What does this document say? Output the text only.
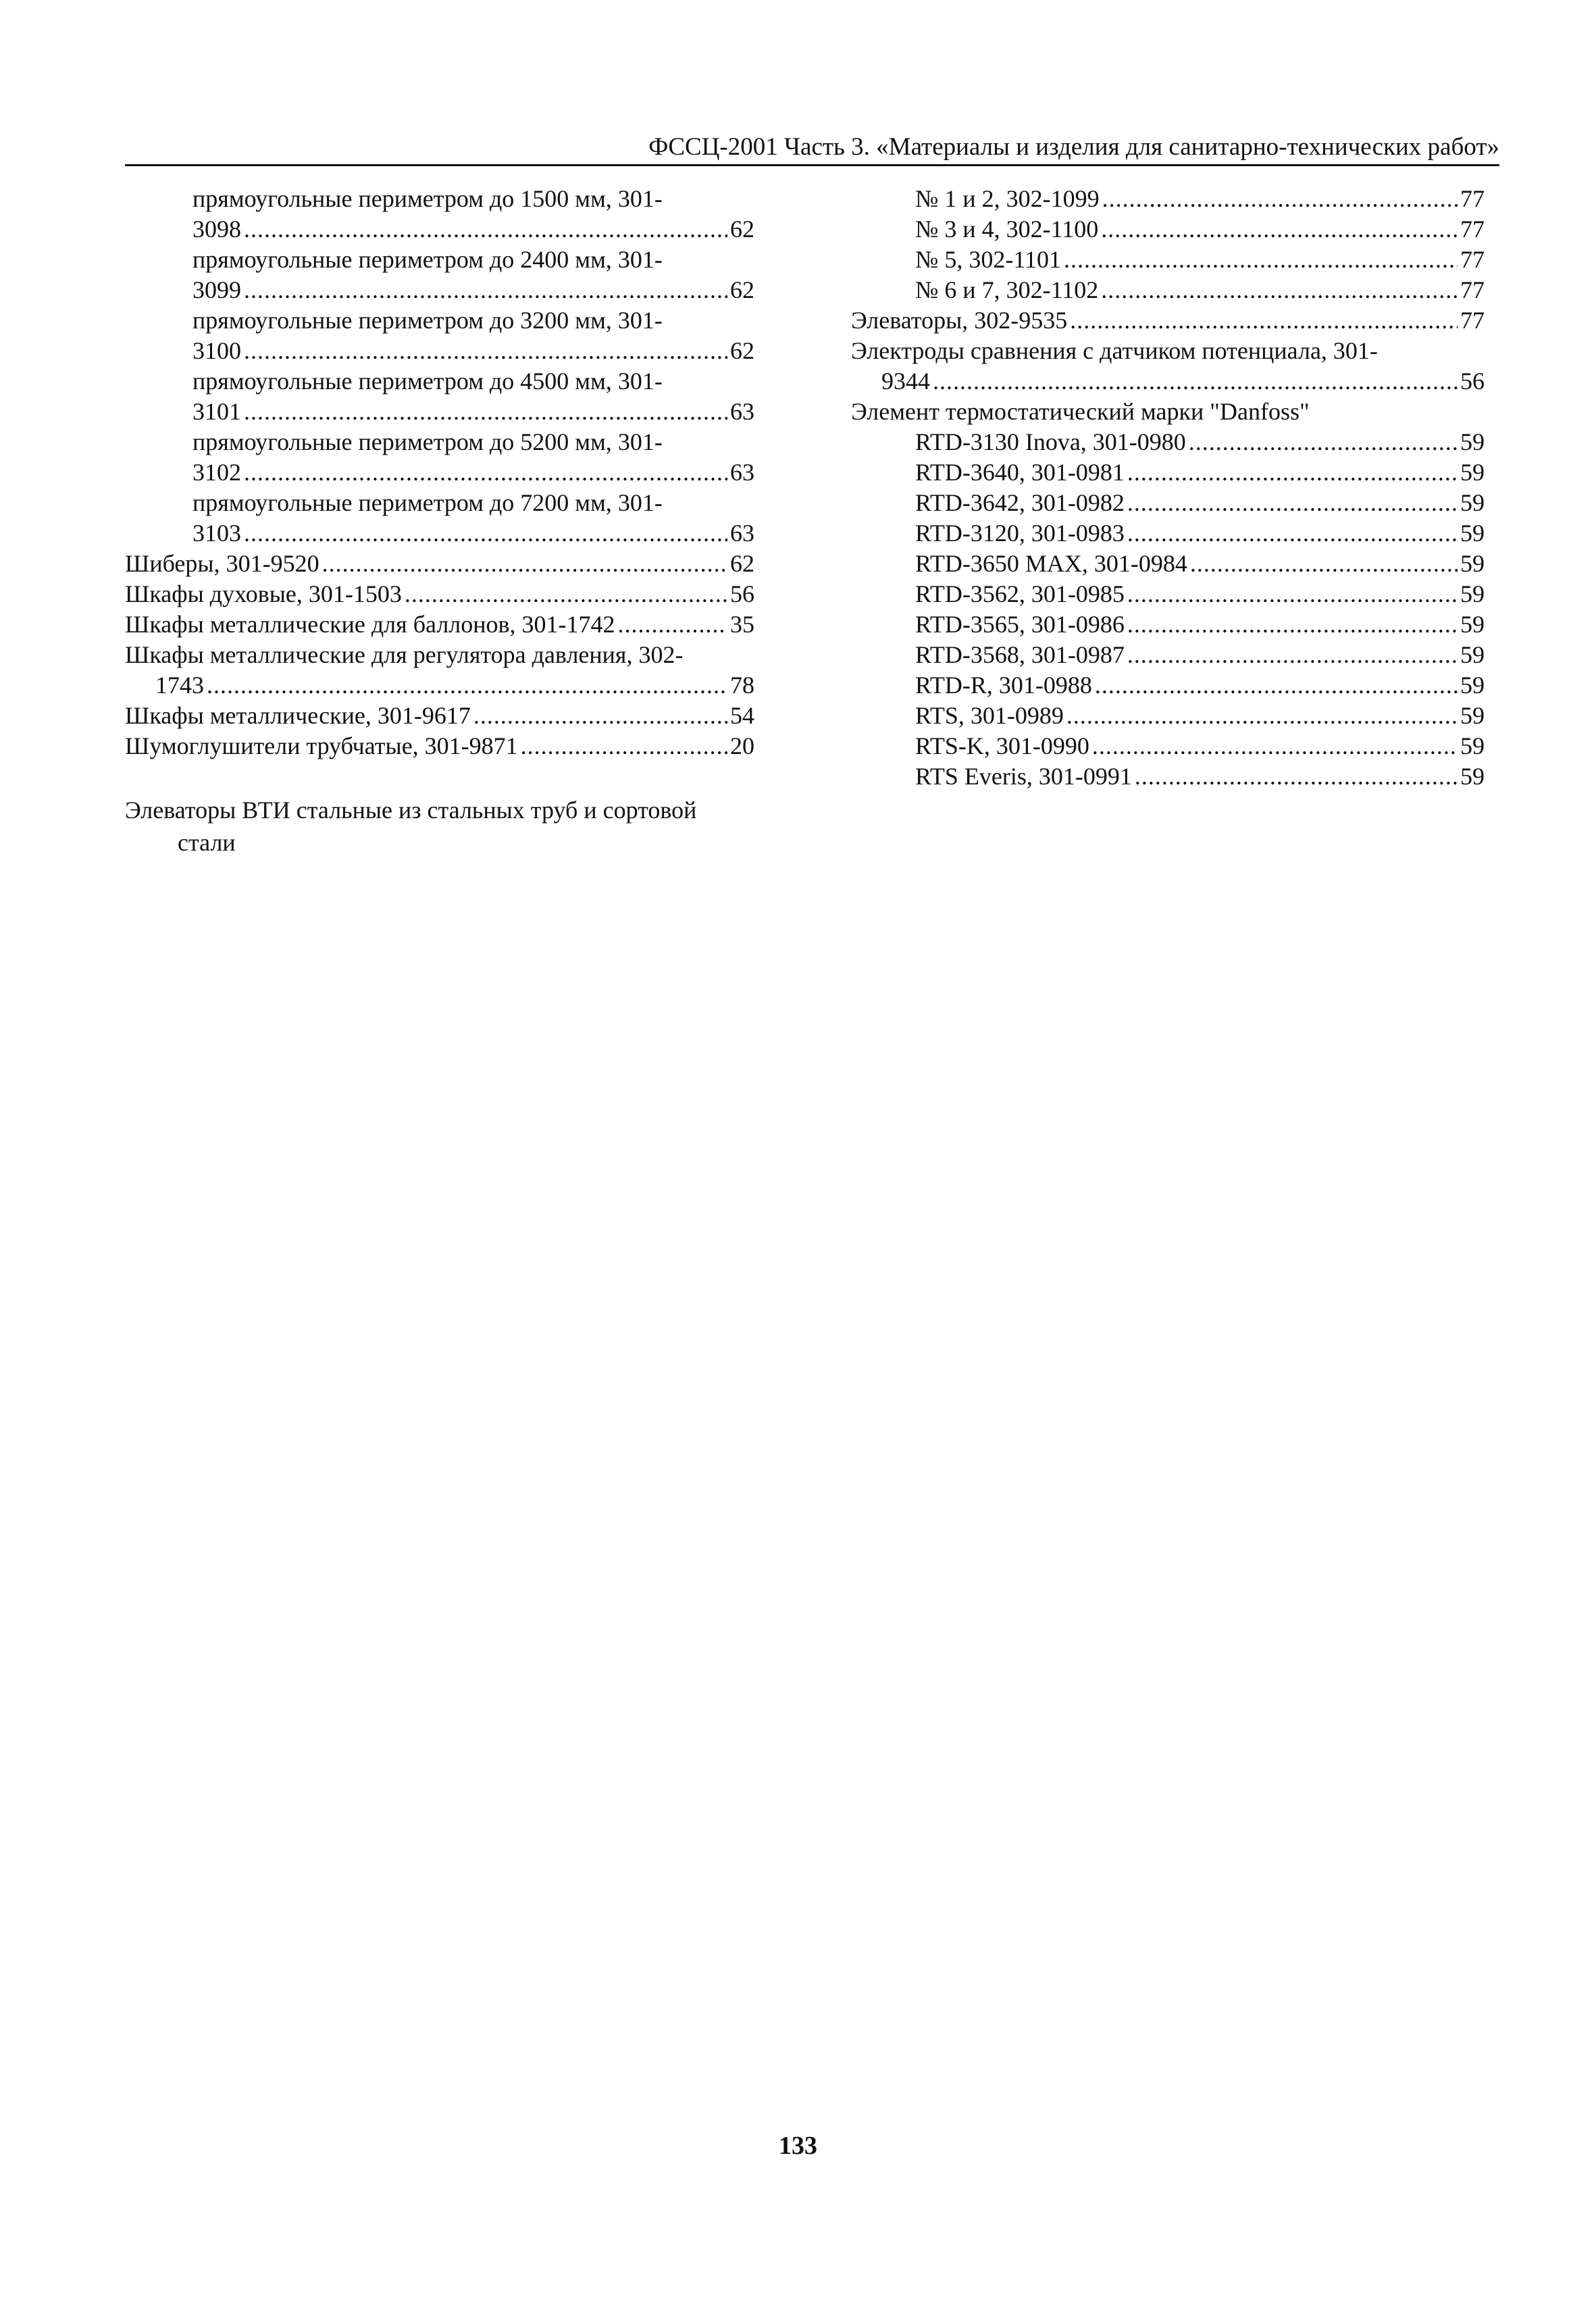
ФССЦ-2001 Часть 3. «Материалы и изделия для санитарно-технических работ»
прямоугольные периметром до 1500 мм, 301-
3098 .....	62
прямоугольные периметром до 2400 мм, 301-
3099 .....	62
прямоугольные периметром до 3200 мм, 301-
3100 .....	62
прямоугольные периметром до 4500 мм, 301-
3101 .....	63
прямоугольные периметром до 5200 мм, 301-
3102 .....	63
прямоугольные периметром до 7200 мм, 301-
3103 .....	63
Шиберы, 301-9520 .....	62
Шкафы духовые, 301-1503 .....	56
Шкафы металлические для баллонов, 301-1742 .....	35
Шкафы металлические для регулятора давления, 302-
1743 .....	78
Шкафы металлические, 301-9617 .....	54
Шумоглушители трубчатые, 301-9871 .....	20
№ 1 и 2, 302-1099 .....	77
№ 3 и 4, 302-1100 .....	77
№ 5, 302-1101 .....	77
№ 6 и 7, 302-1102 .....	77
Элеваторы, 302-9535 .....	77
Электроды сравнения с датчиком потенциала, 301-
9344 .....	56
Элемент термостатический марки "Danfoss"
RTD-3130 Inova, 301-0980 .....	59
RTD-3640, 301-0981 .....	59
RTD-3642, 301-0982 .....	59
RTD-3120, 301-0983 .....	59
RTD-3650 MAX, 301-0984 .....	59
RTD-3562, 301-0985 .....	59
RTD-3565, 301-0986 .....	59
RTD-3568, 301-0987 .....	59
RTD-R, 301-0988 .....	59
RTS, 301-0989 .....	59
RTS-K, 301-0990 .....	59
RTS Everis, 301-0991 .....	59
Элеваторы ВТИ стальные из стальных труб и сортовой
стали
133
